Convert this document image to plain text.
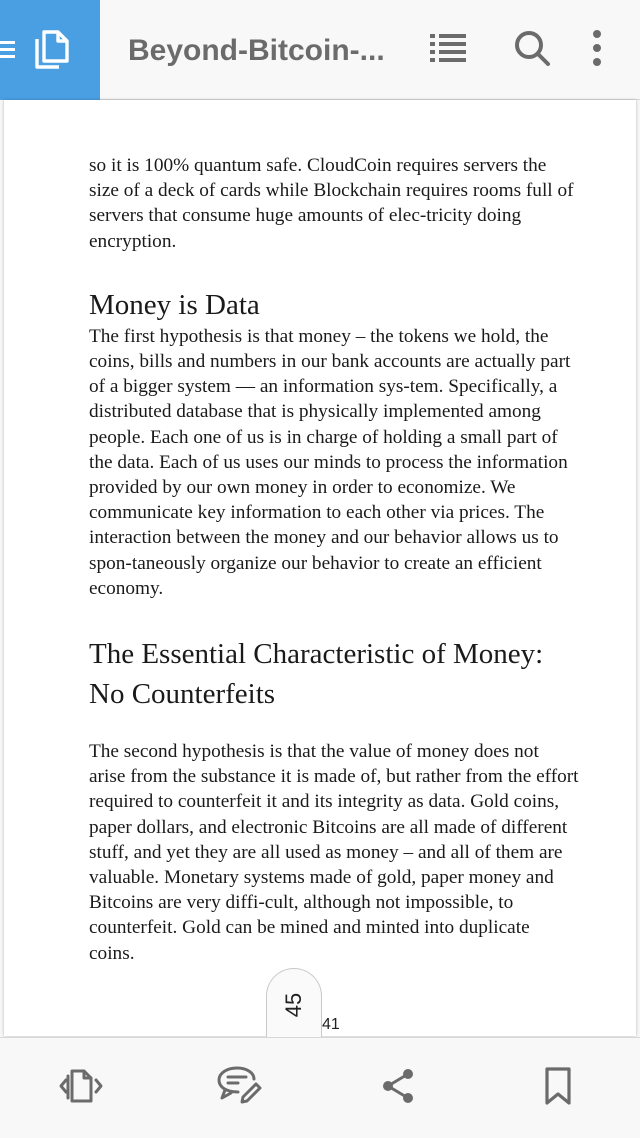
Beyond-Bitcoin-...

so it is 100% quantum safe. CloudCoin requires servers the size of a deck of cards while Blockchain requires rooms full of servers that consume huge amounts of elec-tricity doing encryption.

Money is Data

The first hypothesis is that money – the tokens we hold, the coins, bills and numbers in our bank accounts are actually part of a bigger system — an information sys-tem. Specifically, a distributed database that is physically implemented among people. Each one of us is in charge of holding a small part of the data. Each of us uses our minds to process the information provided by our own money in order to economize. We communicate key information to each other via prices. The interaction between the money and our behavior allows us to spon-taneously organize our behavior to create an efficient economy.

The Essential Characteristic of Money: No Counterfeits

The second hypothesis is that the value of money does not arise from the substance it is made of, but rather from the effort required to counterfeit it and its integrity as data. Gold coins, paper dollars, and electronic Bitcoins are all made of different stuff, and yet they are all used as money – and all of them are valuable. Monetary systems made of gold, paper money and Bitcoins are very diffi-cult, although not impossible, to counterfeit. Gold can be mined and minted into duplicate coins.

45
41
